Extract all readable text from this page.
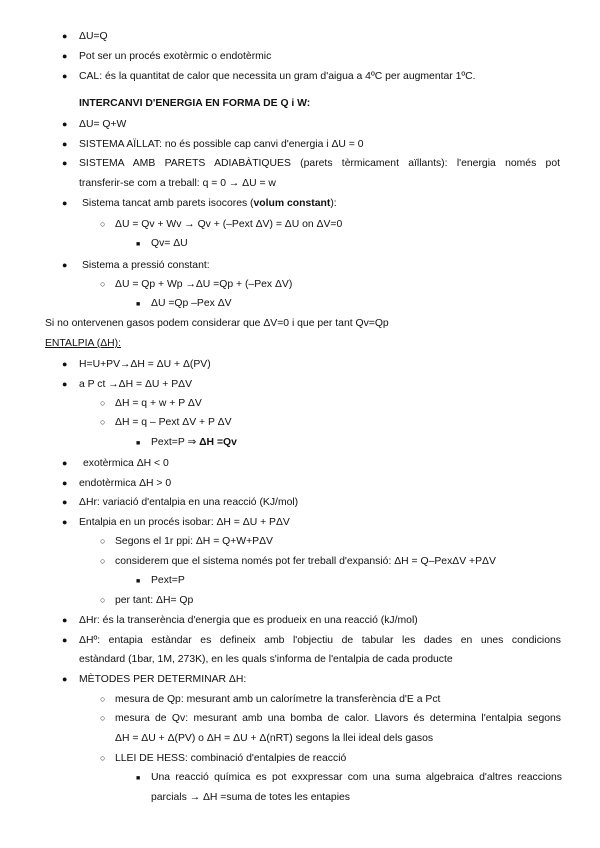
● ΔU=Q
● Pot ser un procés exotèrmic o endotèrmic
● CAL: és la quantitat de calor que necessita un gram d'aigua a 4ºC per augmentar 1ºC.
INTERCANVI D'ENERGIA EN FORMA DE Q i W:
● ΔU= Q+W
● SISTEMA AÏLLAT: no és possible cap canvi d'energia i ΔU = 0
● SISTEMA AMB PARETS ADIABÀTIQUES (parets tèrmicament aïllants): l'energia només pot
transferir-se com a treball: q = 0 → ΔU = w
● Sistema tancat amb parets isocores (volum constant):
○ ΔU = Qv + Wv → Qv + (–Pext ΔV) = ΔU on ΔV=0
■ Qv= ΔU
● Sistema a pressió constant:
○ ΔU = Qp + Wp →ΔU =Qp + (–Pex ΔV)
■ ΔU =Qp –Pex ΔV
Si no ontervenen gasos podem considerar que ΔV=0 i que per tant Qv=Qp
ENTALPIA (ΔH):
● H=U+PV→ΔH = ΔU + Δ(PV)
● a P ct →ΔH = ΔU + PΔV
○ ΔH = q + w + P ΔV
○ ΔH = q – Pext ΔV + P ΔV
■ Pext=P ⇒ ΔH =Qv
● exotèrmica ΔH < 0
● endotèrmica ΔH > 0
● ΔHr: variació d'entalpia en una reacció (KJ/mol)
● Entalpia en un procés isobar: ΔH = ΔU + PΔV
○ Segons el 1r ppi: ΔH = Q+W+PΔV
○ considerem que el sistema només pot fer treball d'expansió: ΔH = Q–PexΔV +PΔV
■ Pext=P
○ per tant: ΔH= Qp
● ΔHr: és la transerència d'energia que es produeix en una reacció (kJ/mol)
● ΔHº: entapia estàndar es defineix amb l'objectiu de tabular les dades en unes condicions
estàndard (1bar, 1M, 273K), en les quals s'informa de l'entalpia de cada producte
● MÈTODES PER DETERMINAR ΔH:
○ mesura de Qp: mesurant amb un calorímetre la transferència d'E a Pct
○ mesura de Qv: mesurant amb una bomba de calor. Llavors és determina l'entalpia segons
ΔH = ΔU + Δ(PV) o ΔH = ΔU + Δ(nRT) segons la llei ideal dels gasos
○ LLEI DE HESS: combinació d'entalpies de reacció
■ Una reacció química es pot exxpressar com una suma algebraica d'altres reaccions
parcials → ΔH =suma de totes les entapies
